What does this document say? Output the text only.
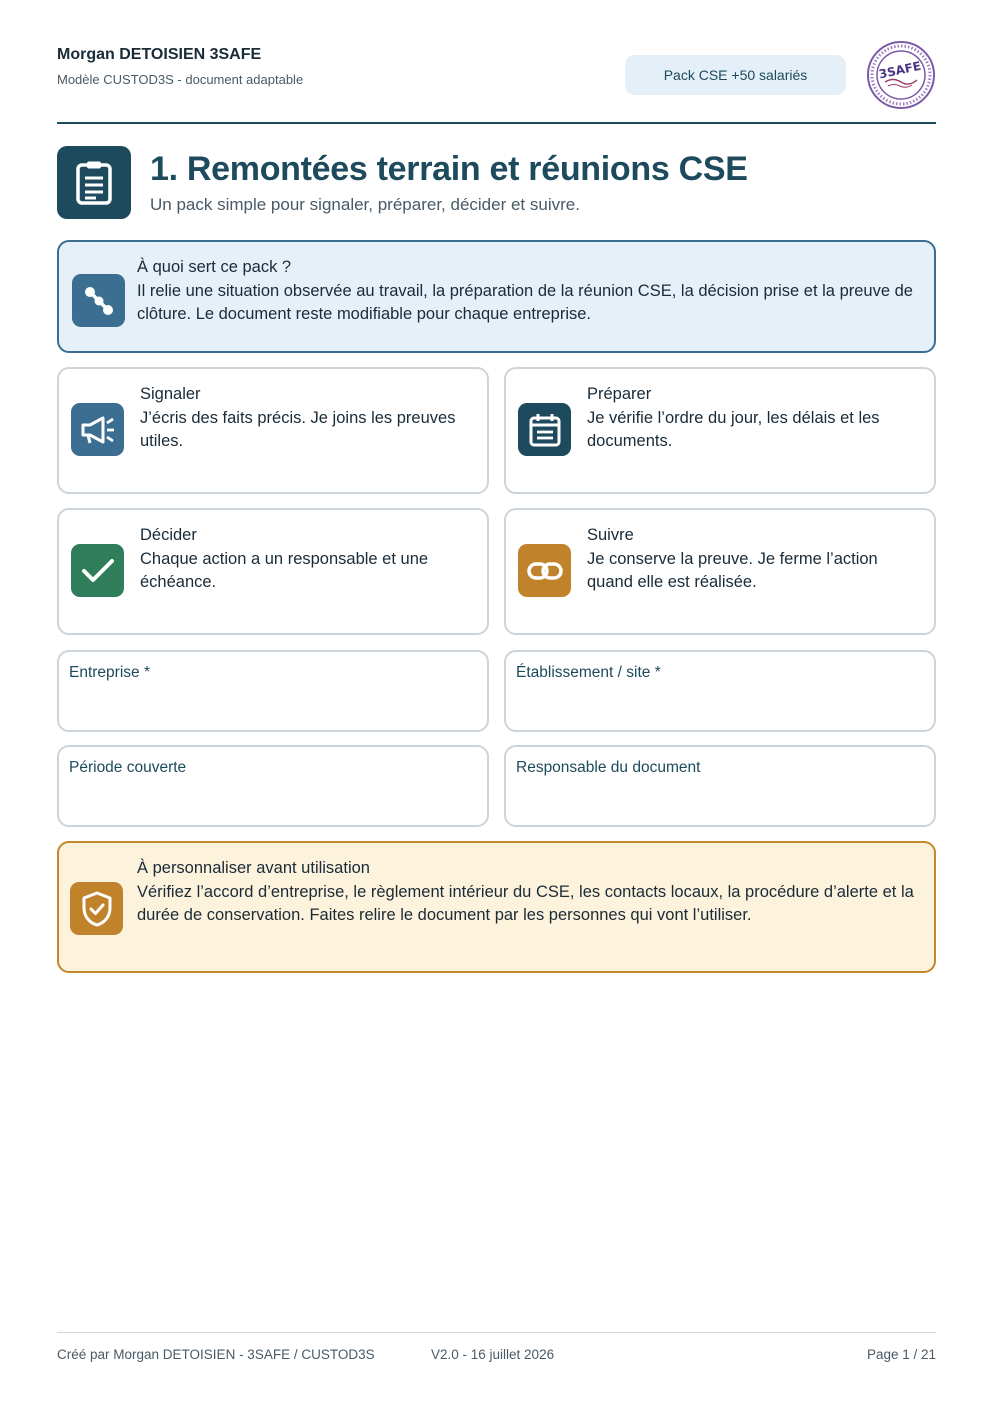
Morgan DETOISIEN 3SAFE
Modèle CUSTOD3S - document adaptable	Pack CSE +50 salariés	3SAFE
1. Remontées terrain et réunions CSE
Un pack simple pour signaler, préparer, décider et suivre.
À quoi sert ce pack ?
Il relie une situation observée au travail, la préparation de la réunion CSE, la décision prise et la preuve de clôture. Le document reste modifiable pour chaque entreprise.
Signaler
J’écris des faits précis. Je joins les preuves utiles.
Préparer
Je vérifie l’ordre du jour, les délais et les documents.
Décider
Chaque action a un responsable et une échéance.
Suivre
Je conserve la preuve. Je ferme l’action quand elle est réalisée.
Entreprise *	Établissement / site *
Période couverte	Responsable du document
À personnaliser avant utilisation
Vérifiez l’accord d’entreprise, le règlement intérieur du CSE, les contacts locaux, la procédure d’alerte et la durée de conservation. Faites relire le document par les personnes qui vont l’utiliser.
Créé par Morgan DETOISIEN - 3SAFE / CUSTOD3S	V2.0 - 16 juillet 2026	Page 1 / 21
